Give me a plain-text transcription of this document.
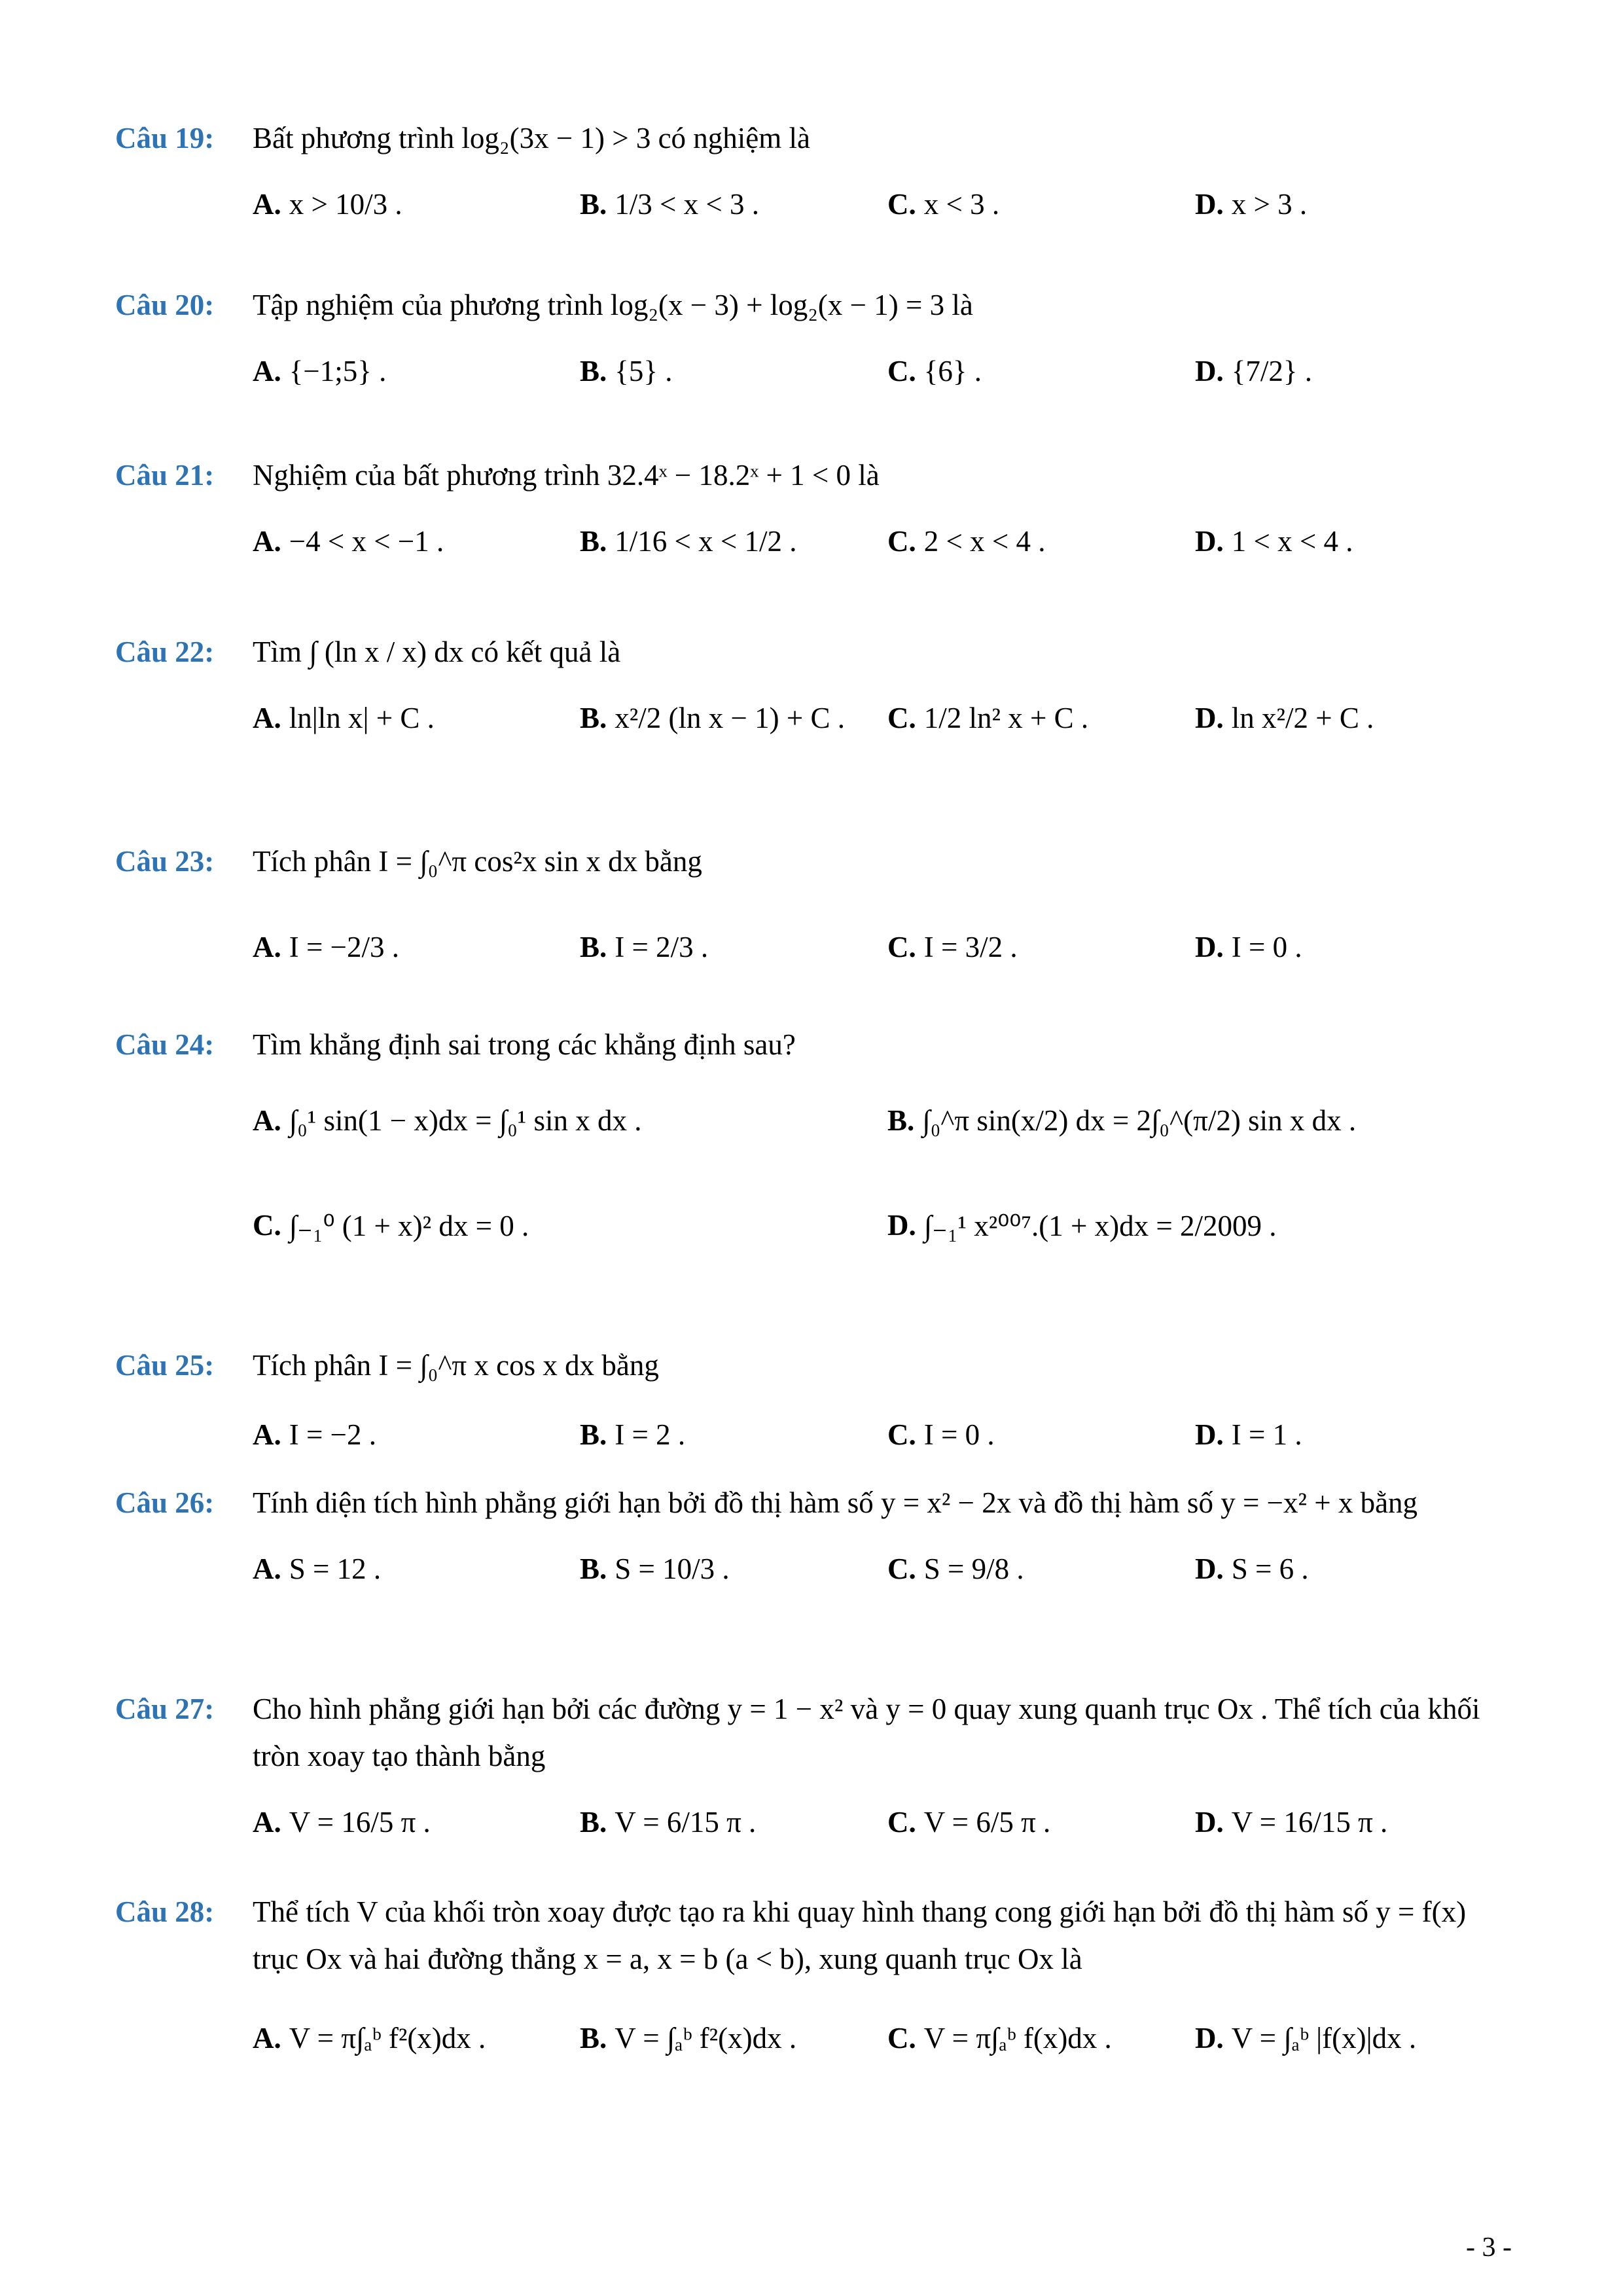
Câu 19: Bất phương trình log₂(3x − 1) > 3 có nghiệm là
A. x > 10/3 .	B. 1/3 < x < 3 .	C. x < 3 .	D. x > 3 .
Câu 20: Tập nghiệm của phương trình log₂(x − 3) + log₂(x − 1) = 3 là
A. {−1;5} .	B. {5} .	C. {6} .	D. {7/2} .
Câu 21: Nghiệm của bất phương trình 32.4ˣ − 18.2ˣ + 1 < 0 là
A. −4 < x < −1 .	B. 1/16 < x < 1/2 .	C. 2 < x < 4 .	D. 1 < x < 4 .
Câu 22: Tìm ∫ (ln x / x) dx có kết quả là
A. ln|ln x| + C .	B. x²/2 (ln x − 1) + C . C. 1/2 ln² x + C .	D. ln x²/2 + C .
Câu 23: Tích phân I = ∫₀^π cos²x sin x dx bằng
A. I = −2/3 .	B. I = 2/3 .	C. I = 3/2 .	D. I = 0 .
Câu 24: Tìm khẳng định sai trong các khẳng định sau?
A. ∫₀¹ sin(1 − x)dx = ∫₀¹ sin x dx .	B. ∫₀^π sin(x/2) dx = 2∫₀^(π/2) sin x dx .
C. ∫₋₁⁰ (1 + x)² dx = 0 .	D. ∫₋₁¹ x²⁰⁰⁷.(1 + x)dx = 2/2009 .
Câu 25: Tích phân I = ∫₀^π x cos x dx bằng
A. I = −2 .	B. I = 2 .	C. I = 0 .	D. I = 1 .
Câu 26: Tính diện tích hình phẳng giới hạn bởi đồ thị hàm số y = x² − 2x và đồ thị hàm số y = −x² + x bằng
A. S = 12 .	B. S = 10/3 .	C. S = 9/8 .	D. S = 6 .
Câu 27: Cho hình phẳng giới hạn bởi các đường y = 1 − x² và y = 0 quay xung quanh trục Ox . Thể tích của khối tròn xoay tạo thành bằng
A. V = 16/5 π .	B. V = 6/15 π .	C. V = 6/5 π .	D. V = 16/15 π .
Câu 28: Thể tích V của khối tròn xoay được tạo ra khi quay hình thang cong giới hạn bởi đồ thị hàm số y = f(x) trục Ox và hai đường thẳng x = a, x = b (a < b), xung quanh trục Ox là
A. V = π∫ₐᵇ f²(x)dx .	B. V = ∫ₐᵇ f²(x)dx .	C. V = π∫ₐᵇ f(x)dx .	D. V = ∫ₐᵇ |f(x)|dx .
- 3 -
